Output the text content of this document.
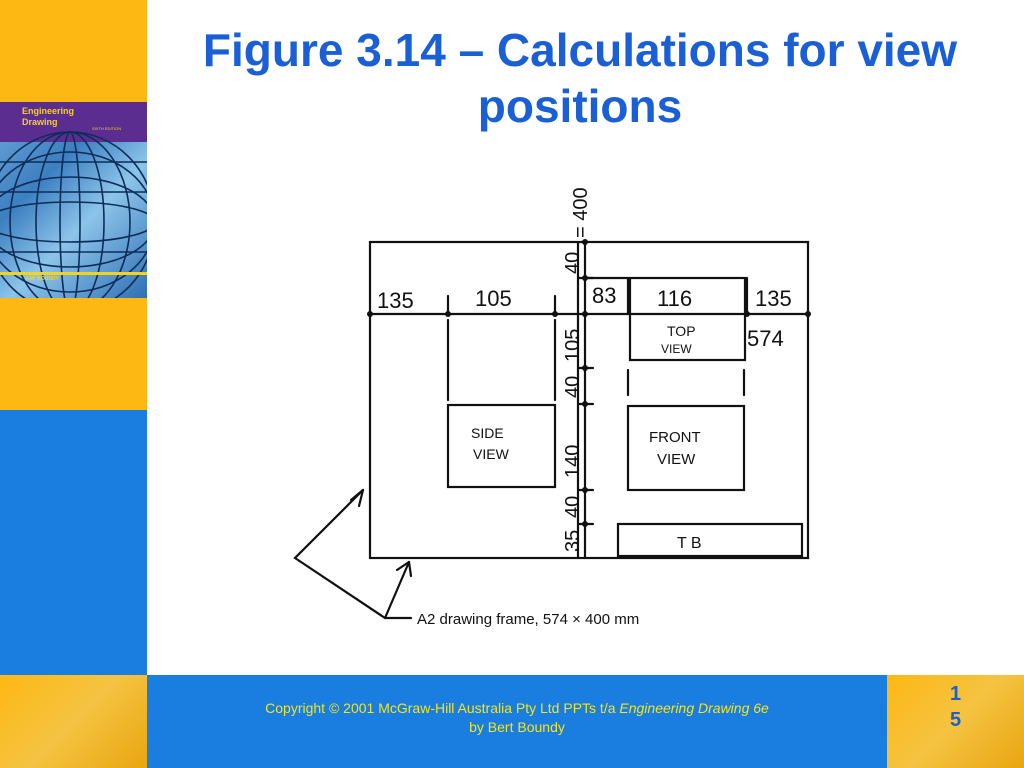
Engineering
Drawing
SIXTH EDITION
A.W. BOUNDY
Figure 3.14 – Calculations for view positions
= 400
135	105	83 116	135
40
105
40
140
40
35
574
TOP
VIEW
SIDE
VIEW
FRONT
VIEW
T B
A2 drawing frame, 574 × 400 mm
Copyright © 2001 McGraw-Hill Australia Pty Ltd PPTs t/a Engineering Drawing 6e
by Bert Boundy
1
5
